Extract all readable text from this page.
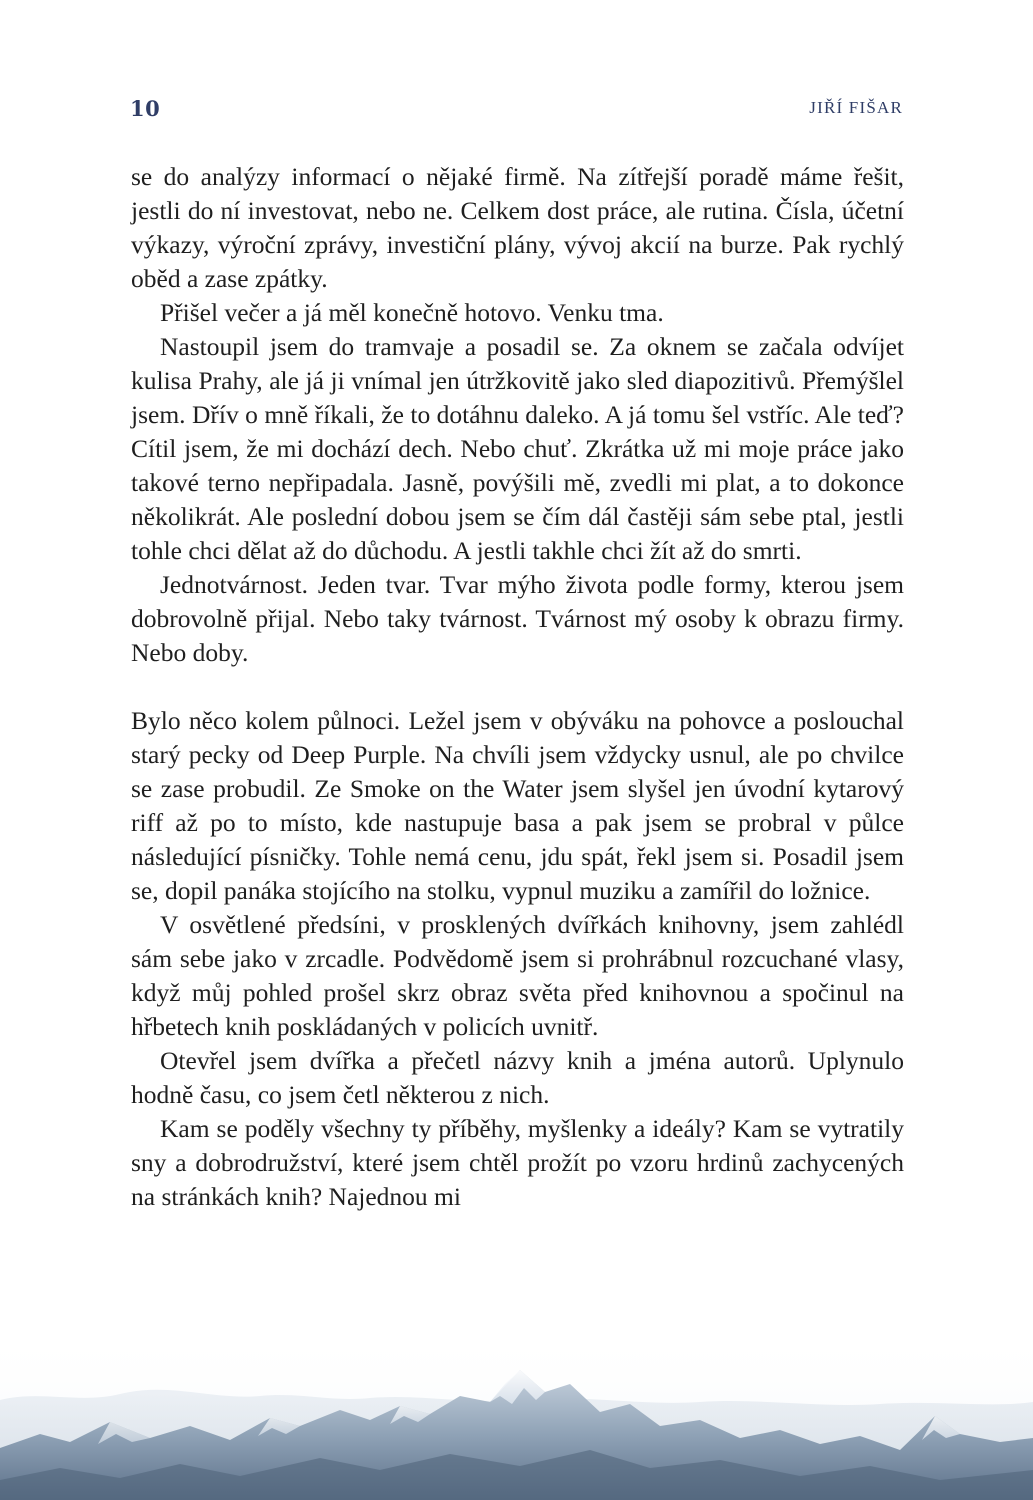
10	JIŘÍ FIŠAR

se do analýzy informací o nějaké firmě. Na zítřejší poradě máme řešit, jestli do ní investovat, nebo ne. Celkem dost práce, ale rutina. Čísla, účetní výkazy, výroční zprávy, investiční plány, vývoj akcií na burze. Pak rychlý oběd a zase zpátky.

Přišel večer a já měl konečně hotovo. Venku tma.

Nastoupil jsem do tramvaje a posadil se. Za oknem se začala odvíjet kulisa Prahy, ale já ji vnímal jen útržkovitě jako sled diapozitivů. Přemýšlel jsem. Dřív o mně říkali, že to dotáhnu daleko. A já tomu šel vstříc. Ale teď? Cítil jsem, že mi dochází dech. Nebo chuť. Zkrátka už mi moje práce jako takové terno nepřipadala. Jasně, povýšili mě, zvedli mi plat, a to dokonce několikrát. Ale poslední dobou jsem se čím dál častěji sám sebe ptal, jestli tohle chci dělat až do důchodu. A jestli takhle chci žít až do smrti.

Jednotvárnost. Jeden tvar. Tvar mýho života podle formy, kterou jsem dobrovolně přijal. Nebo taky tvárnost. Tvárnost mý osoby k obrazu firmy. Nebo doby.

Bylo něco kolem půlnoci. Ležel jsem v obýváku na pohovce a poslouchal starý pecky od Deep Purple. Na chvíli jsem vždycky usnul, ale po chvilce se zase probudil. Ze Smoke on the Water jsem slyšel jen úvodní kytarový riff až po to místo, kde nastupuje basa a pak jsem se probral v půlce následující písničky. Tohle nemá cenu, jdu spát, řekl jsem si. Posadil jsem se, dopil panáka stojícího na stolku, vypnul muziku a zamířil do ložnice.

V osvětlené předsíni, v prosklených dvířkách knihovny, jsem zahlédl sám sebe jako v zrcadle. Podvědomě jsem si prohrábnul rozcuchané vlasy, když můj pohled prošel skrz obraz světa před knihovnou a spočinul na hřbetech knih poskládaných v policích uvnitř.

Otevřel jsem dvířka a přečetl názvy knih a jména autorů. Uplynulo hodně času, co jsem četl některou z nich.

Kam se poděly všechny ty příběhy, myšlenky a ideály? Kam se vytratily sny a dobrodružství, které jsem chtěl prožít po vzoru hrdinů zachycených na stránkách knih? Najednou mi
